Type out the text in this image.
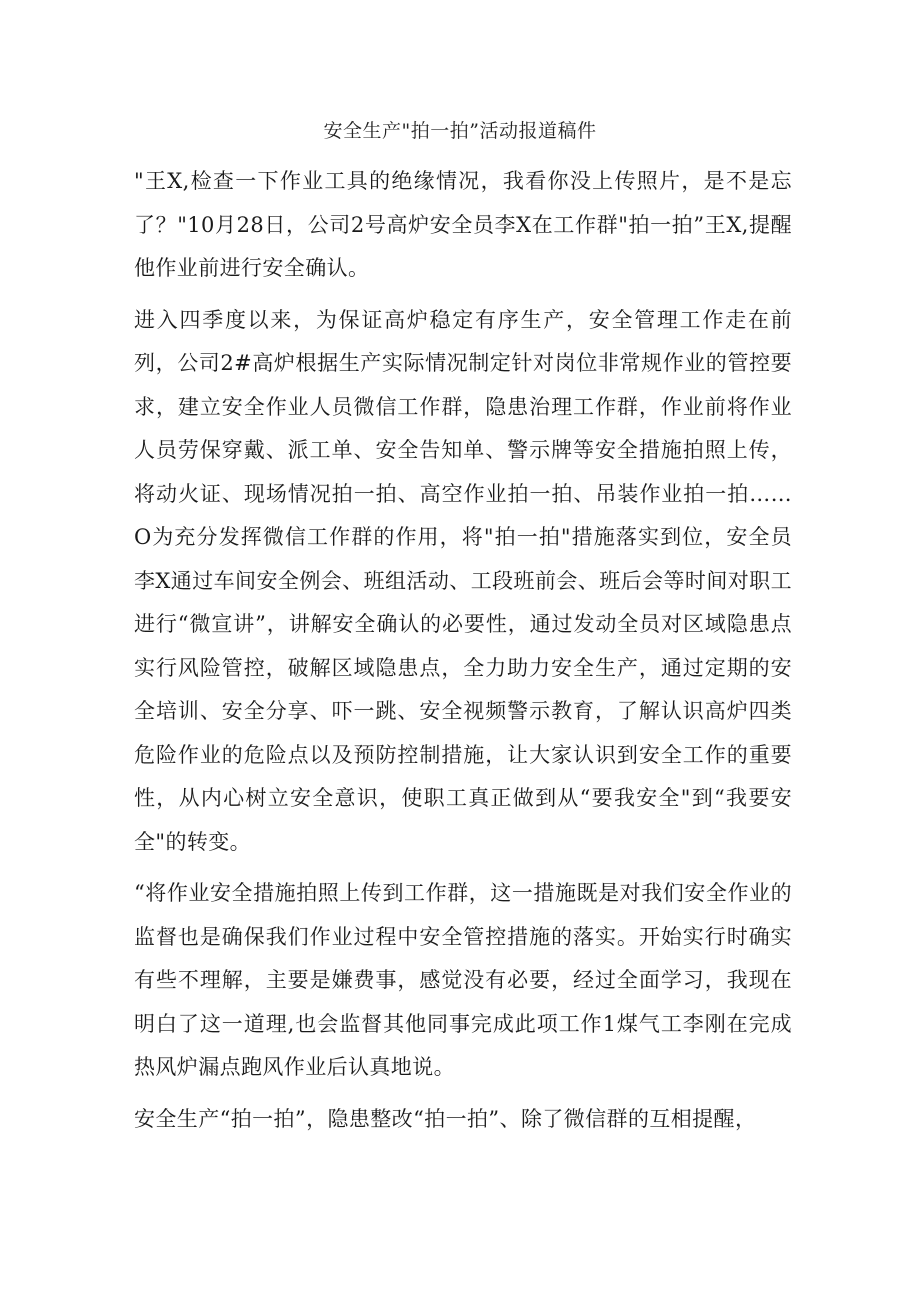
安全生产"拍一拍”活动报道稿件

"王X,检查一下作业工具的绝缘情况，我看你没上传照片，是不是忘了？"10月28日，公司2号高炉安全员李X在工作群"拍一拍”王X,提醒他作业前进行安全确认。

进入四季度以来，为保证高炉稳定有序生产，安全管理工作走在前列，公司2#高炉根据生产实际情况制定针对岗位非常规作业的管控要求，建立安全作业人员微信工作群，隐患治理工作群，作业前将作业人员劳保穿戴、派工单、安全告知单、警示牌等安全措施拍照上传，将动火证、现场情况拍一拍、高空作业拍一拍、吊装作业拍一拍……O为充分发挥微信工作群的作用，将"拍一拍"措施落实到位，安全员李X通过车间安全例会、班组活动、工段班前会、班后会等时间对职工进行“微宣讲”，讲解安全确认的必要性，通过发动全员对区域隐患点实行风险管控，破解区域隐患点，全力助力安全生产，通过定期的安全培训、安全分享、吓一跳、安全视频警示教育，了解认识高炉四类危险作业的危险点以及预防控制措施，让大家认识到安全工作的重要性，从内心树立安全意识，使职工真正做到从“要我安全"到“我要安全"的转变。

“将作业安全措施拍照上传到工作群，这一措施既是对我们安全作业的监督也是确保我们作业过程中安全管控措施的落实。开始实行时确实有些不理解，主要是嫌费事，感觉没有必要，经过全面学习，我现在明白了这一道理,也会监督其他同事完成此项工作1煤气工李刚在完成热风炉漏点跑风作业后认真地说。

安全生产“拍一拍”，隐患整改“拍一拍”、除了微信群的互相提醒，
